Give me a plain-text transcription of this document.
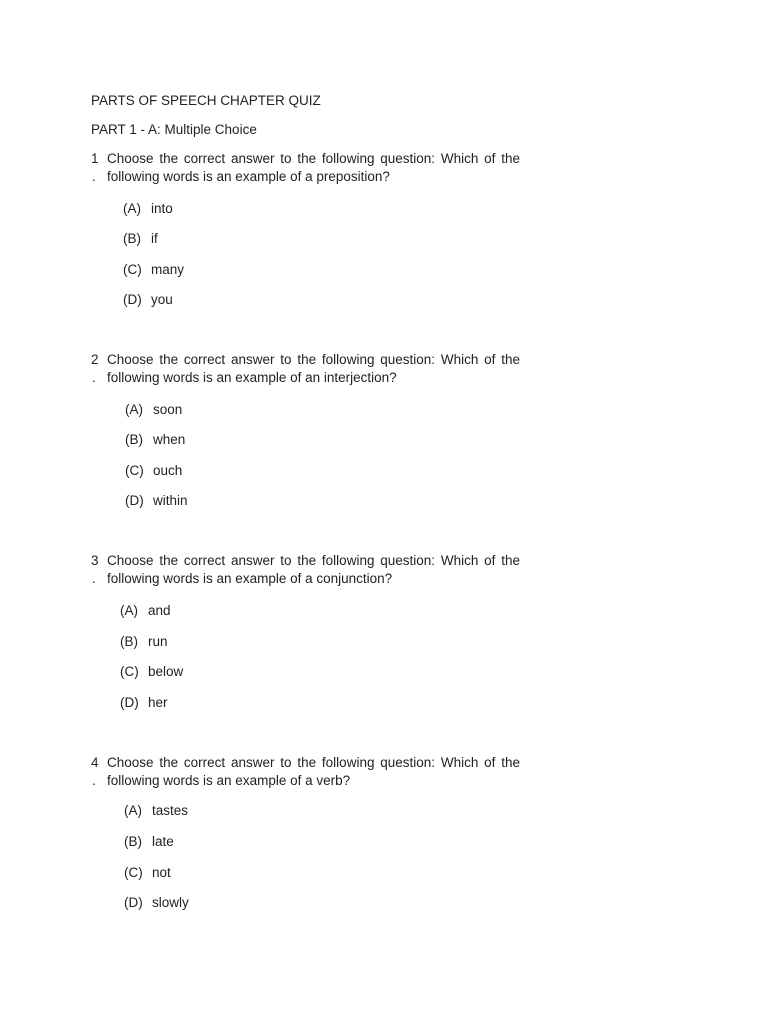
PARTS OF SPEECH CHAPTER QUIZ
PART 1 - A: Multiple Choice
1 Choose the correct answer to the following question: Which of the
. following words is an example of a preposition?
(A) into
(B) if
(C) many
(D) you
2 Choose the correct answer to the following question: Which of the
. following words is an example of an interjection?
(A) soon
(B) when
(C) ouch
(D) within
3 Choose the correct answer to the following question: Which of the
. following words is an example of a conjunction?
(A) and
(B) run
(C) below
(D) her
4 Choose the correct answer to the following question: Which of the
. following words is an example of a verb?
(A) tastes
(B) late
(C) not
(D) slowly
